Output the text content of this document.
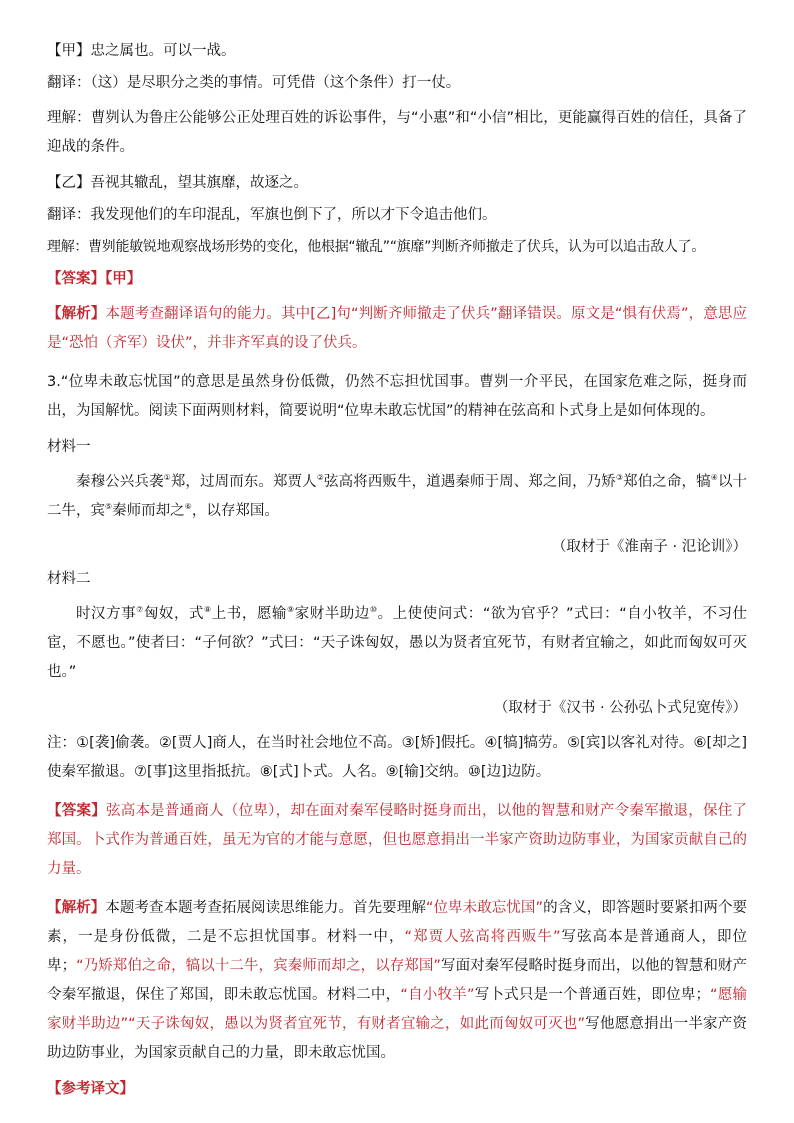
【甲】忠之属也。可以一战。

翻译：（这）是尽职分之类的事情。可凭借（这个条件）打一仗。

理解：曹刿认为鲁庄公能够公正处理百姓的诉讼事件，与“小惠”和“小信”相比，更能赢得百姓的信任，具备了迎战的条件。

【乙】吾视其辙乱，望其旗靡，故逐之。

翻译：我发现他们的车印混乱，军旗也倒下了，所以才下令追击他们。

理解：曹刿能敏锐地观察战场形势的变化，他根据“辙乱”“旗靡”判断齐师撤走了伏兵，认为可以追击敌人了。

【答案】【甲】

【解析】本题考查翻译语句的能力。其中[乙]句“判断齐师撤走了伏兵”翻译错误。原文是“惧有伏焉”，意思应是“恐怕（齐军）设伏”，并非齐军真的设了伏兵。

3.“位卑未敢忘忧国”的意思是虽然身份低微，仍然不忘担忧国事。曹刿一介平民，在国家危难之际，挺身而出，为国解忧。阅读下面两则材料，简要说明“位卑未敢忘忧国”的精神在弦高和卜式身上是如何体现的。

材料一

秦穆公兴兵袭①郑，过周而东。郑贾人②弦高将西贩牛，道遇秦师于周、郑之间，乃矫③郑伯之命，犒④以十二牛，宾⑤秦师而却之⑥，以存郑国。

（取材于《淮南子 · 氾论训》）

材料二

时汉方事⑦匈奴，式⑧上书，愿输⑨家财半助边⑩。上使使问式：“欲为官乎？”式曰：“自小牧羊，不习仕宦，不愿也。”使者曰：“子何欲？”式曰：“天子诛匈奴，愚以为贤者宜死节，有财者宜输之，如此而匈奴可灭也。”

（取材于《汉书 · 公孙弘卜式兒宽传》）

注：①[袭]偷袭。②[贾人]商人，在当时社会地位不高。③[矫]假托。④[犒]犒劳。⑤[宾]以客礼对待。⑥[却之]使秦军撤退。⑦[事]这里指抵抗。⑧[式]卜式。人名。⑨[输]交纳。⑩[边]边防。

【答案】弦高本是普通商人（位卑），却在面对秦军侵略时挺身而出，以他的智慧和财产令秦军撤退，保住了郑国。卜式作为普通百姓，虽无为官的才能与意愿，但也愿意捐出一半家产资助边防事业，为国家贡献自己的力量。

【解析】本题考查本题考查拓展阅读思维能力。首先要理解“位卑未敢忘忧国”的含义，即答题时要紧扣两个要素，一是身份低微，二是不忘担忧国事。材料一中，“郑贾人弦高将西贩牛”写弦高本是普通商人，即位卑；“乃矫郑伯之命，犒以十二牛，宾秦师而却之，以存郑国”写面对秦军侵略时挺身而出，以他的智慧和财产令秦军撤退，保住了郑国，即未敢忘忧国。材料二中，“自小牧羊”写卜式只是一个普通百姓，即位卑；“愿输家财半助边”“天子诛匈奴，愚以为贤者宜死节，有财者宜输之，如此而匈奴可灭也”写他愿意捐出一半家产资助边防事业，为国家贡献自己的力量，即未敢忘忧国。

【参考译文】
